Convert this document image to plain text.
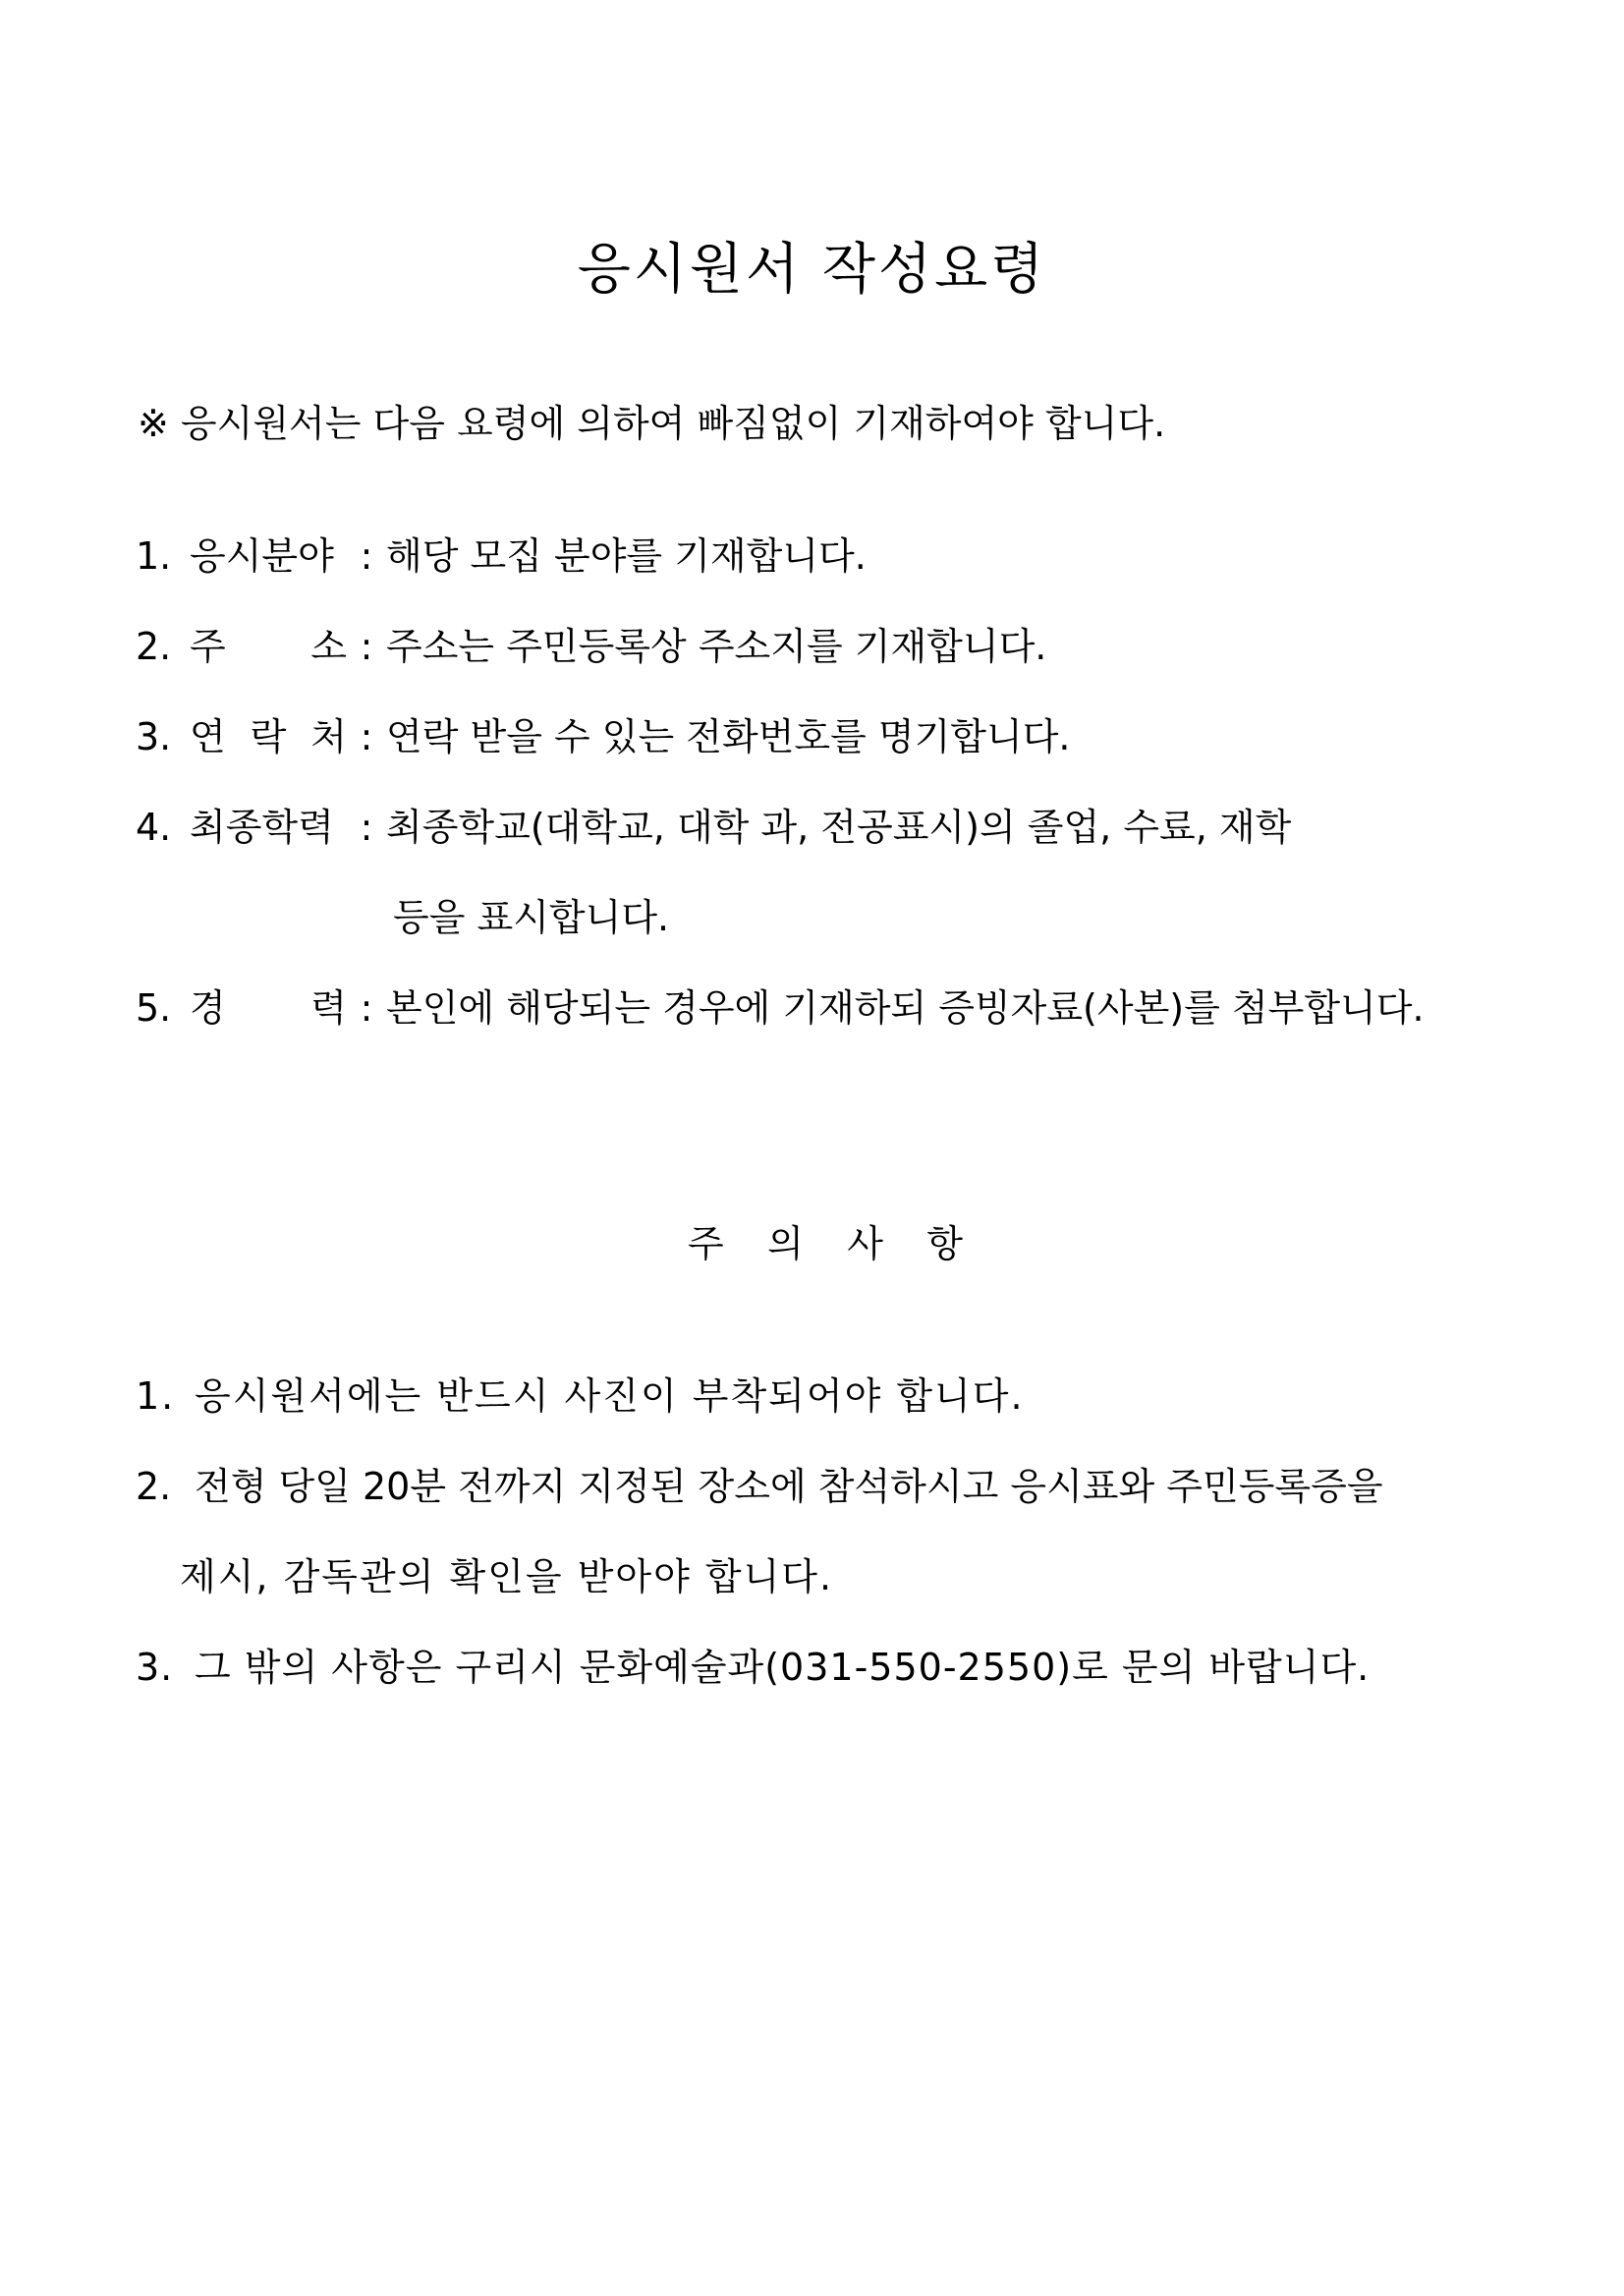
응시원서 작성요령
※ 응시원서는 다음 요령에 의하여 빠짐없이 기재하여야 합니다.
1. 응시분야 : 해당 모집 분야를 기재합니다.
2. 주 소 : 주소는 주민등록상 주소지를 기재합니다.
3. 연 락 처 : 연락 받을 수 있는 전화번호를 명기합니다.
4. 최종학력 : 최종학교(대학교, 대학 과, 전공표시)의 졸업, 수료, 재학
등을 표시합니다.
5. 경 력 : 본인에 해당되는 경우에 기재하되 증빙자료(사본)를 첨부합니다.
주 의 사 항
1. 응시원서에는 반드시 사진이 부착되어야 합니다.
2. 전형 당일 20분 전까지 지정된 장소에 참석하시고 응시표와 주민등록증을
제시, 감독관의 확인을 받아야 합니다.
3. 그 밖의 사항은 구리시 문화예술과(031-550-2550)로 문의 바랍니다.
